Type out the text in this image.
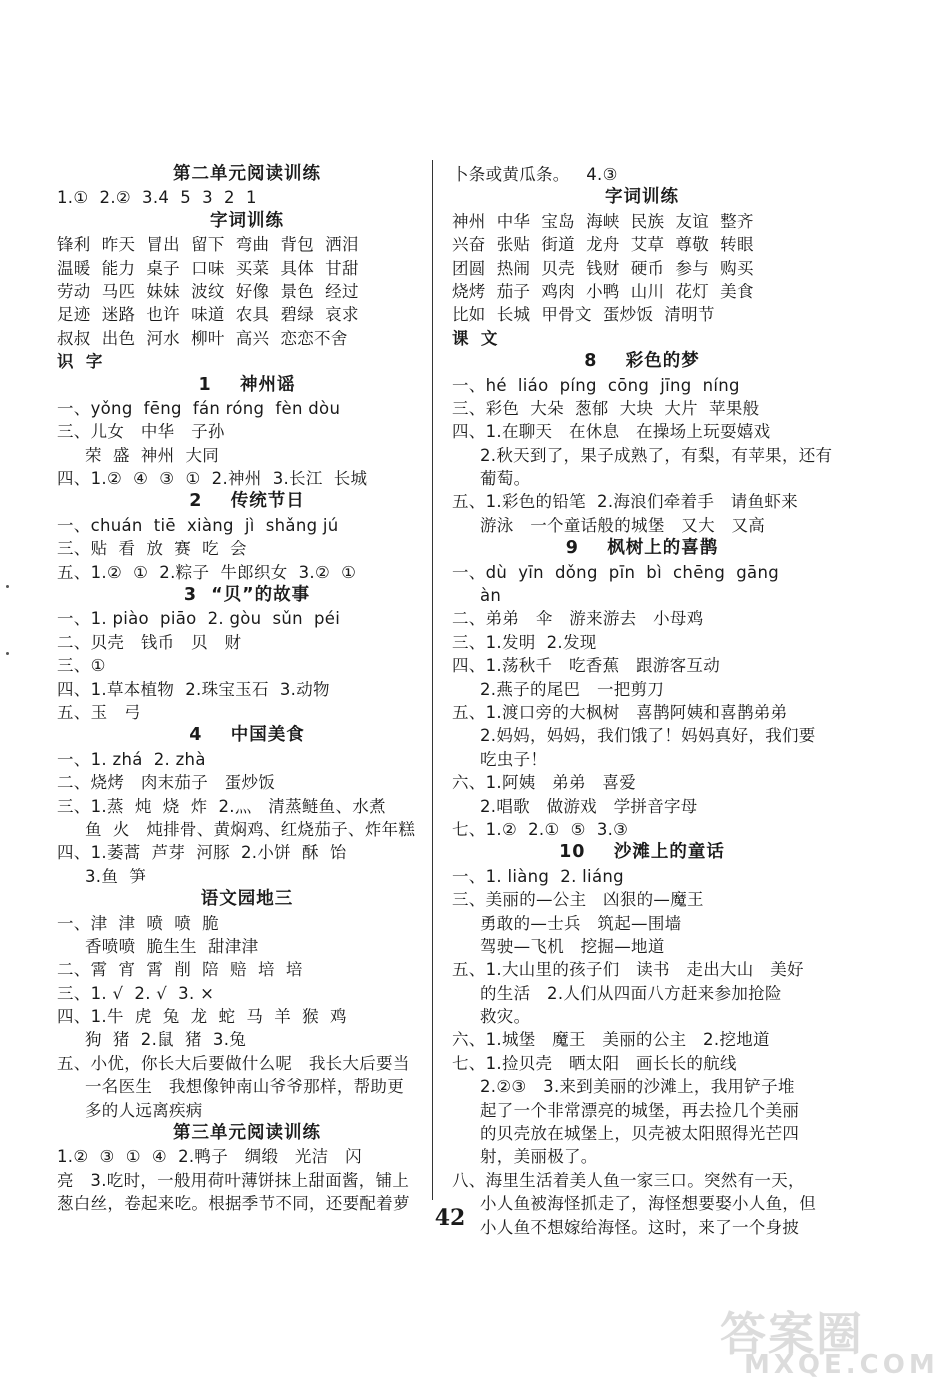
第二单元阅读训练
1.①  2.②  3.4  5  3  2  1
字词训练
锋利  昨天  冒出  留下  弯曲  背包  洒泪
温暖  能力  桌子  口味  买菜  具体  甘甜
劳动  马匹  妹妹  波纹  好像  景色  经过
足迹  迷路  也许  味道  农具  碧绿  哀求
叔叔  出色  河水  柳叶  高兴  恋恋不舍
识  字
1    神州谣
一、yǒng  fēng  fán róng  fèn dòu
三、儿女   中华   子孙
荣  盛  神州  大同
四、1.②  ④  ③  ①  2.神州  3.长江  长城
2    传统节日
一、chuán  tiē  xiàng  jì  shǎng jú
三、贴  看  放  赛  吃  会
五、1.②  ①  2.粽子  牛郎织女  3.②  ①
3  “贝”的故事
一、1. piào  piāo  2. gòu  sǔn  péi
二、贝壳   钱币   贝   财
三、①
四、1.草本植物  2.珠宝玉石  3.动物
五、玉   弓
4    中国美食
一、1. zhá  2. zhà
二、烧烤   肉末茄子   蛋炒饭
三、1.蒸  炖  烧  炸  2.灬   清蒸鲢鱼、水煮
鱼  火   炖排骨、黄焖鸡、红烧茄子、炸年糕
四、1.萎蒿  芦芽  河豚  2.小饼  酥  饴
3.鱼  笋
语文园地三
一、津  津  喷  喷  脆
香喷喷  脆生生  甜津津
二、霄  宵  霄  削  陪  赔  培  培
三、1. √  2. √  3. ×
四、1.牛  虎  兔  龙  蛇  马  羊  猴  鸡
狗  猪  2.鼠  猪  3.兔
五、小优，你长大后要做什么呢   我长大后要当
一名医生   我想像钟南山爷爷那样，帮助更
多的人远离疾病
第三单元阅读训练
1.②  ③  ①  ④  2.鸭子   绸缎   光洁   闪
亮   3.吃时，一般用荷叶薄饼抹上甜面酱，铺上
葱白丝，卷起来吃。根据季节不同，还要配着萝
卜条或黄瓜条。   4.③
字词训练
神州  中华  宝岛  海峡  民族  友谊  整齐
兴奋  张贴  街道  龙舟  艾草  尊敬  转眼
团圆  热闹  贝壳  钱财  硬币  参与  购买
烧烤  茄子  鸡肉  小鸭  山川  花灯  美食
比如  长城  甲骨文  蛋炒饭  清明节
课  文
8    彩色的梦
一、hé  liáo  píng  cōng  jīng  níng
三、彩色  大朵  葱郁  大块  大片  苹果般
四、1.在聊天   在休息   在操场上玩耍嬉戏
2.秋天到了，果子成熟了，有梨，有苹果，还有
葡萄。
五、1.彩色的铅笔  2.海浪们牵着手   请鱼虾来
游泳   一个童话般的城堡   又大   又高
9    枫树上的喜鹊
一、dù  yīn  dǒng  pīn  bì  chēng  gāng
àn
二、弟弟   伞   游来游去   小母鸡
三、1.发明  2.发现
四、1.荡秋千   吃香蕉   跟游客互动
2.燕子的尾巴   一把剪刀
五、1.渡口旁的大枫树   喜鹊阿姨和喜鹊弟弟
2.妈妈，妈妈，我们饿了！妈妈真好，我们要
吃虫子！
六、1.阿姨   弟弟   喜爱
2.唱歌   做游戏   学拼音字母
七、1.②  2.①  ⑤  3.③
10    沙滩上的童话
一、1. liàng  2. liáng
三、美丽的—公主   凶狠的—魔王
勇敢的—士兵   筑起—围墙
驾驶—飞机   挖掘—地道
五、1.大山里的孩子们   读书   走出大山   美好
的生活   2.人们从四面八方赶来参加抢险
救灾。
六、1.城堡   魔王   美丽的公主   2.挖地道
七、1.捡贝壳   晒太阳   画长长的航线
2.②③   3.来到美丽的沙滩上，我用铲子堆
起了一个非常漂亮的城堡，再去捡几个美丽
的贝壳放在城堡上，贝壳被太阳照得光芒四
射，美丽极了。
八、海里生活着美人鱼一家三口。突然有一天，
小人鱼被海怪抓走了，海怪想要娶小人鱼，但
小人鱼不想嫁给海怪。这时，来了一个身披
42
答案圈
MXQE.COM
